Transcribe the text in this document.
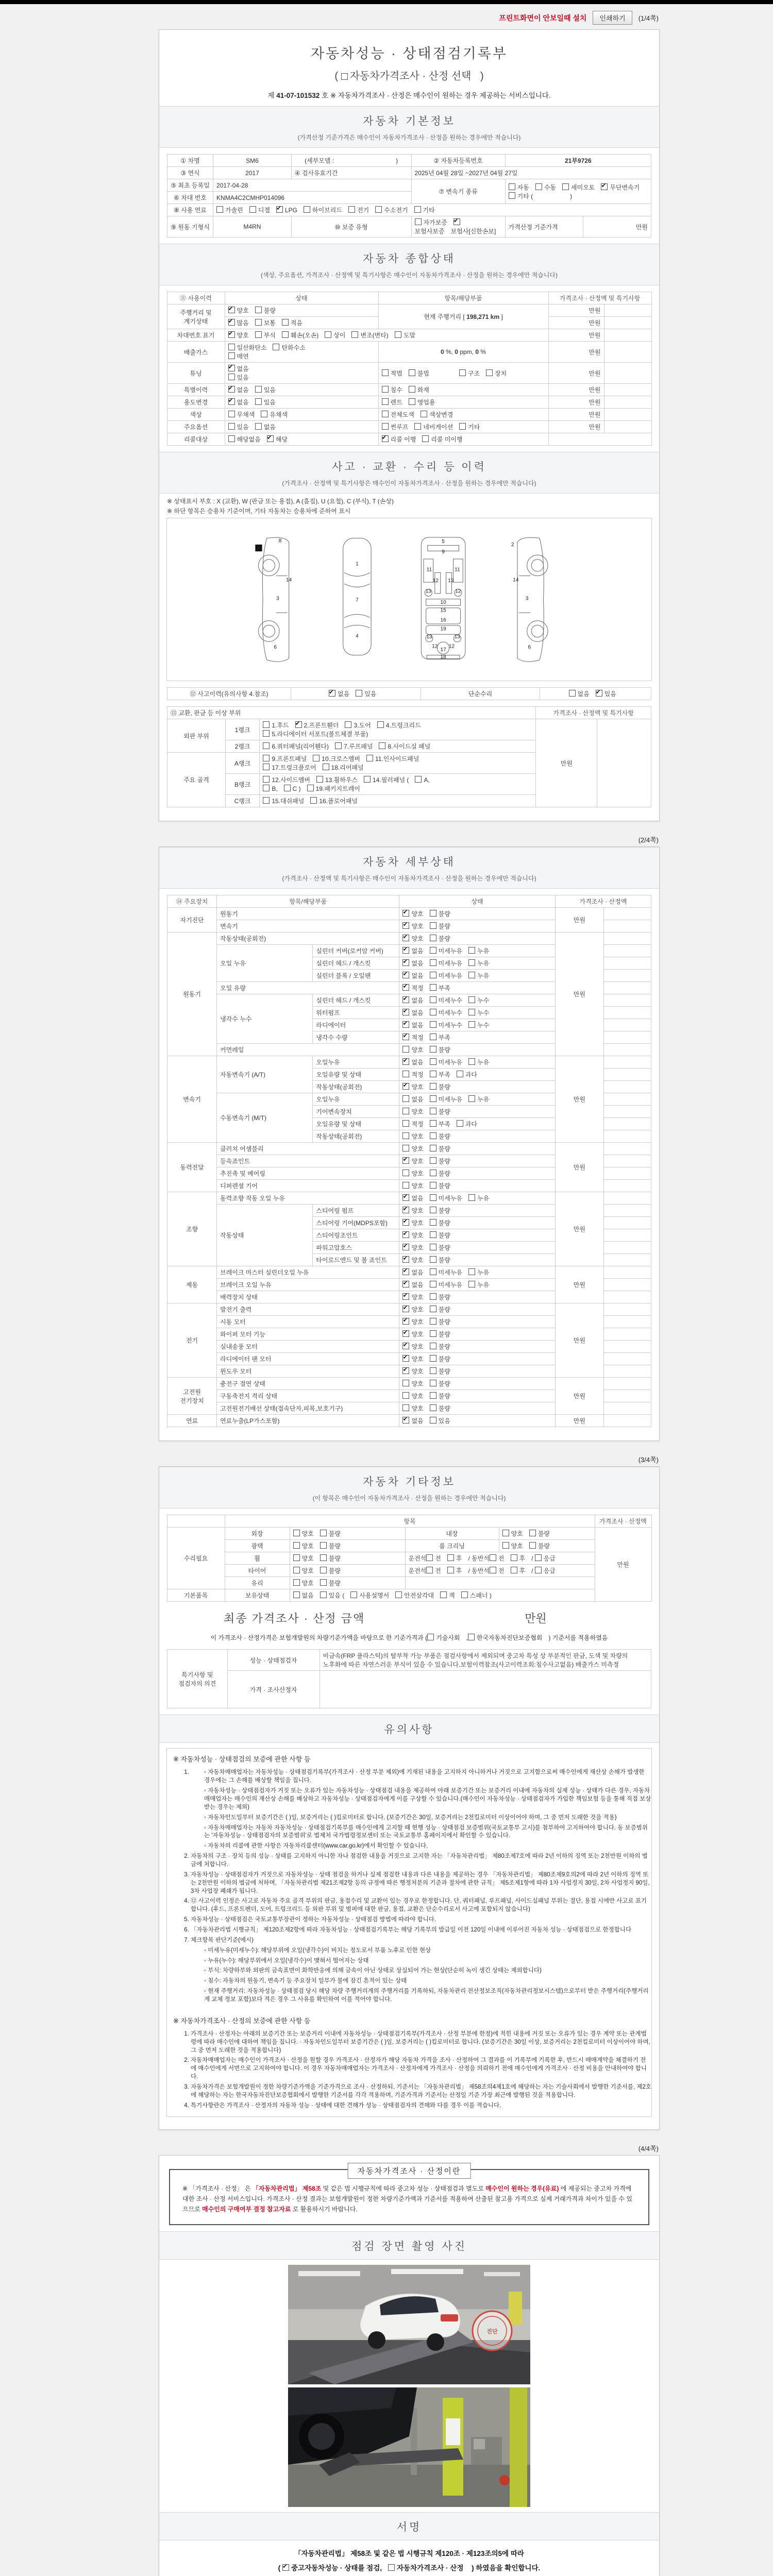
프린트화면이 안보일때 설치	인쇄하기	(1/4쪽)
자동차성능 · 상태점검기록부
( 자동차가격조사 · 산정 선택 )
제 41-07-101532 호 ※ 자동차가격조사 · 산정은 매수인이 원하는 경우 제공하는 서비스입니다.
자동차 기본정보
(가격산정 기준가격은 매수인이 자동차가격조사 · 산정을 원하는 경우에만 적습니다)
① 차명	SM6	(세부모델 : )	② 자동차등록번호	21부9726	
③ 연식	2017	④ 검사유효기간	2025년 04월 28일 ~2027년 04월 27일		
⑤ 최초 등록일	2017-04-28		⑦ 변속기 종류	자동 수동 세미오토 ✔ 무단변속기
기타 ( )
⑥ 차대 번호	KNMA4C2CMHP014096				
⑧ 사용 연료	가솔린 디젤 ✔ LPG 하이브리드 전기 수소전기 기타
⑨ 원동 기형식	M4RN	⑩ 보증 유형	자가보증✔보험사보증 보험사[신한손보]	가격산정 기준가격	만원
자동차 종합상태
(색상, 주요옵션, 가격조사 · 산정액 및 특기사항은 매수인이 자동차가격조사 · 산정을 원하는 경우에만 적습니다)
⑪ 사용이력	상태	항목/해당부품	가격조사 · 산정액 및 특기사항	
주행거리 및 계기상태	✔양호 불량	현재 주행거리 [ 198,271 km ]	만원	
✔많음 보통 적음		만원	
차대번호 표기	✔양호 부식 훼손(오손) 상이 변조(변타) 도말		만원	
배출가스	일산화탄소 탄화수소
매연	0 %, 0 ppm, 0 %	만원	
튜닝	✔없음
있음	적법 불법 구조 장치	만원	
특별이력	✔없음 있음	침수 화재	만원	
용도변경	✔없음 있음	렌트 영업용	만원	
색상	무채색 유채색	전체도색 색상변경	만원	
주요옵션	있음 없음	썬루프 네비게이션 기타	만원	
리콜대상	해당없음 ✔ 해당	✔리콜 이행 리콜 미이행	
사고 · 교환 · 수리 등 이력
(가격조사 · 산정액 및 특기사항은 매수인이 자동차가격조사 · 산정을 원하는 경우에만 적습니다)
※ 상태표시 부호 : X (교환), W (판금 또는 용접), A (흠집), U (요철), C (부식), T (손상)
※ 하단 항목은 승용차 기준이며, 기타 자동차는 승용차에 준하여 표시
X
8
14
3
6
1
7
4
5
9
11	11
12 13
13	12
10
15
16
19
13	13
12 12
17
18
2
14
3
6
⑫ 사고이력(유의사항 4.참조)	✔없음 있음	단순수리	없음 ✔ 있음
⑬ 교환, 판금 등 이상 부위			가격조사 · 산정액 및 특기사항	
외판 부위	1랭크	1.후드 ✔ 2.프론트휀더 3.도어 4.트렁크리드
5.라디에이터 서포트(볼트체결 부품)	만원	
	2랭크	6.쿼터패널(리어휀다) 7.루프패널 8.사이드실 패널		
주요 골격	A랭크	9.프론트패널 10.크로스멤버 11.인사이드패널
17.트렁크플로어 18.리어패널		
	B랭크	12.사이드멤버 13.휠하우스 14.필러패널 ( A,
B, C ) 19.패키지트레이		
	C랭크	15.대쉬패널 16.플로어패널		
(2/4쪽)
자동차 세부상태
(가격조사 · 산정액 및 특기사항은 매수인이 자동차가격조사 · 산정을 원하는 경우에만 적습니다)
⑭ 주요장치	항목/해당부품		상태	가격조사 · 산정액	
자기진단	원동기	✔양호 불량	만원	
	변속기	✔양호 불량	
원동기	작동상태(공회전)	✔양호 불량	만원	
	오일 누유	실린더 커버(로커암 커버)	✔없음 미세누유 누유	
		실린더 헤드 / 개스킷	✔없음 미세누유 누유	
		실린더 블록 / 오일팬	✔없음 미세누유 누유	
	오일 유량	✔적정 부족	
	냉각수 누수	실린더 헤드 / 개스킷	✔없음 미세누수 누수	
		워터펌프	✔없음 미세누수 누수	
		라디에이터	✔없음 미세누수 누수	
		냉각수 수량	✔적정 부족	
	커먼레일		양호 불량		
변속기	자동변속기 (A/T)	오일누유	✔없음 미세누유 누유	만원	
		오일유량 및 상태	적정 부족 과다		
		작동상태(공회전)	✔양호 불량	
	수동변속기 (M/T)	오일누유	없음 미세누유 누유		
		기어변속장치	양호 불량		
		오일유량 및 상태	적정 부족 과다		
		작동상태(공회전)	양호 불량		
동력전달	클러치 어셈블리		양호 불량	만원	
	등속죠인트	✔양호 불량	
	추진축 및 베어링		양호 불량		
	디퍼렌셜 기어		양호 불량		
조향	동력조향 작동 오일 누유	✔없음 미세누유 누유	만원	
	작동상태	스티어링 펌프	✔양호 불량	
		스티어링 기어(MDPS포함)	✔양호 불량	
		스티어링조인트	✔양호 불량	
		파워고압호스	✔양호 불량	
		타이로드엔드 및 볼 죠인트	✔양호 불량	
제동	브레이크 마스터 실린더오일 누유	✔없음 미세누유 누유	만원	
	브레이크 오일 누유	✔없음 미세누유 누유	
	배력장치 상태	✔양호 불량	
전기	발전기 출력	✔양호 불량	만원	
	시동 모터	✔양호 불량	
	와이퍼 모터 기능	✔양호 불량	
	실내송풍 모터	✔양호 불량	
	라디에이터 팬 모터	✔양호 불량	
	윈도우 모터	✔양호 불량	
고전원 전기장치	충전구 절연 상태		양호 불량	만원	
	구동축전지 격리 상태		양호 불량		
	고전원전기배선 상태(접속단자,피복,보호기구)		양호 불량		
연료	연료누출(LP가스포함)	✔없음 있음	만원	
(3/4쪽)
자동차 기타정보
(이 항목은 매수인이 자동차가격조사 · 산정을 원하는 경우에만 적습니다)
	항목				가격조사 · 산정액
수리필요	외장	양호 불량	내장	양호 불량	만원
	광택	양호 불량	룸 크리닝	양호 불량	
	휠	양호 불량	운전석 전 후 / 동반석 전 후 / 응급		
	타이어	양호 불량	운전석 전 후 / 동반석 전 후 / 응급		
	유리	양호 불량			
기본품목	보유상태	없음 있음 ( 사용설명서 안전삼각대 잭 스패너 )			
최종 가격조사 · 산정 금액	만원
이 가격조사 · 산정가격은 보험개발원의 차량기준가액을 바탕으로 한 기준가격과 ( 기술사회 , 한국자동차진단보증협회 ) 기준서를 적용하였음
특기사항 및 점검자의 의견	성능 · 상태점검자	비금속(FRP 플라스틱)의 탈부착 가능 부품은 점검사항에서 제외되며 중고차 특성 상 부분적인 판금, 도색 및 차량의 노후화에 따른 자연스러운 부식이 있을 수 있습니다.보험이력참조(사고이력조회:침수사고없음) 배출가스 미측정
	가격 · 조사산정자	
유의사항
※ 자동차성능 · 상태점검의 보증에 관한 사항 등
◦ 1. 자동차매매업자는 자동차성능 · 상태점검기록부(가격조사 · 산정 부분 제외)에 기재된 내용을 고지하지 아니하거나 거짓으로 고지함으로써 매수인에게 재산상 손해가 발생한 경우에는 그 손해를 배상할 책임을 집니다.
◦ 자동차성능 · 상태점검자가 거짓 또는 오류가 있는 자동차성능 · 상태점검 내용을 제공하여 아래 보증기간 또는 보증거리 이내에 자동차의 실제 성능 · 상태가 다른 경우, 자동차매매업자는 매수인의 재산상 손해를 배상하고 자동차성능 · 상태점검자에게 이를 구상할 수 있습니다.(매수인이 자동차성능 · 상태점검자가 가입한 책임보험 등을 통해 직접 보상받는 경우는 제외)
◦ 자동차인도일부터 보증기간은 ( )일, 보증거리는 ( )킬로미터로 합니다. (보증기간은 30일, 보증거리는 2천킬로미터 이상이어야 하며, 그 중 먼저 도래한 것을 적용)
◦ 자동차매매업자는 자동차 자동차성능 · 상태점검기록부를 매수인에게 고지할 때 현행 성능 · 상태점검 보증범위(국토교통부 고시)를 첨부하여 고지하여야 합니다. 동 보증범위는 '자동차성능 · 상태점검자의 보증범위'로 법제처 국가법령정보센터 또는 국토교통부 홈페이지에서 확인할 수 있습니다.
◦ 자동차의 리콜에 관한 사항은 자동차리콜센터(www.car.go.kr)에서 확인할 수 있습니다.
2. 자동차의 구조 · 장치 등의 성능 · 상태를 고지하지 아니한 자나 점검한 내용을 거짓으로 고지한 자는 「자동차관리법」 제80조제7호에 따라 2년 이하의 징역 또는 2천만원 이하의 벌금에 처합니다.
3. 자동차성능 · 상태점검자가 거짓으로 자동차성능 · 상태 점검을 하거나 실제 점검한 내용과 다른 내용을 제공하는 경우 「자동차관리법」 제80조제9호의2에 따라 2년 이하의 징역 또는 2천만원 이하의 벌금에 처하며, 「자동차관리법 제21조제2항 등의 규정에 따른 행정처분의 기준과 절차에 관한 규칙」 제5조제1항에 따라 1차 사업정지 30일, 2차 사업정지 90일, 3차 사업장 폐쇄가 됩니다.
4. ⑫ 사고이력 인정은 사고로 자동차 주요 골격 부위의 판금, 용접수리 및 교환이 있는 경우로 한정합니다. 단, 쿼터패널, 루프패널, 사이드실패널 부위는 절단, 용접 시에만 사고로 표기합니다. (후드, 프론트펜더, 도어, 트렁크리드 등 외판 부위 및 범퍼에 대한 판금, 용접, 교환은 단순수리로서 사고에 포함되지 않습니다)
5. 자동차성능 · 상태점검은 국토교통부장관이 정하는 자동차성능 · 상태점검 방법에 따라야 합니다.
6. 「자동차관리법 시행규칙」 제120조제2항에 따라 자동차성능 · 상태점검기록부는 해당 기록부의 발급일 이전 120일 이내에 이루어진 자동차 성능 · 상태점검으로 한정합니다
7. 체크항목 판단기준(예시)
◦ 미세누유(미세누수): 해당부위에 오일(냉각수)이 비치는 정도로서 부품 노후로 인한 현상
◦ 누유(누수): 해당부위에서 오일(냉각수)이 맺혀서 떨어지는 상태
◦ 부식: 차량하부와 외판의 금속표면이 화학반응에 의해 금속이 아닌 상태로 상실되어 가는 현상(단순히 녹이 생긴 상태는 제외합니다)
◦ 침수: 자동차의 원동기, 변속기 등 주요장치 일부가 물에 잠긴 흔적이 있는 상태
◦ 현재 주행거리: 자동차성능 · 상태점검 당시 해당 차량 주행거리계의 주행거리를 기록하되, 자동차관리 전산정보조직(자동차관리정보시스템)으로부터 받은 주행거리(주행거리계 교체 정보 포함)보다 적은 경우 그 사유를 확인하여 이를 적어야 합니다.
※ 자동차가격조사 · 산정의 보증에 관한 사항 등
1. 가격조사 · 산정자는 아래의 보증기간 또는 보증거리 이내에 자동차성능 · 상태점검기록부(가격조사 · 산정 부분에 한정)에 적힌 내용에 거짓 또는 오류가 있는 경우 계약 또는 관계법령에 따라 매수인에 대하여 책임을 집니다. · 자동차인도일부터 보증기간은 ( )일, 보증거리는 ( )킬로미터로 합니다. (보증기간은 30일 이상, 보증거리는 2천킬로미터 이상이어야 하며, 그 중 먼저 도래한 것을 적용합니다)
2. 자동차매매업자는 매수인이 가격조사 · 산정을 원할 경우 가격조사 · 산정자가 해당 자동차 가격을 조사 · 산정하여 그 결과를 이 기록부에 기록한 후, 반드시 매매계약을 체결하기 전에 매수인에게 서면으로 고지하여야 합니다. 이 경우 자동차매매업자는 가격조사 · 산정자에게 가격조사 · 산정을 의뢰하기 전에 매수인에게 가격조사 · 산정 비용을 안내하여야 합니다.
3. 자동차가격은 보험개발원이 정한 차량기준가액을 기준가격으로 조사 · 산정하되, 기준서는 「자동차관리법」 제58조의4제1호에 해당하는 자는 기술사회에서 발행한 기준서를, 제2호에 해당하는 자는 한국자동차진단보증협회에서 발행한 기준서를 각각 적용하며, 기준가격과 기준서는 산정일 기준 가장 최근에 발행된 것을 적용합니다.
4. 특기사항란은 가격조사 · 산정자의 자동차 성능 · 상태에 대한 견해가 성능 · 상태점검자의 견해와 다를 경우 이를 적습니다.
(4/4쪽)
자동차가격조사 · 산정이란
※ 「가격조사 · 산정」 은 「자동차관리법」 제58조 및 같은 법 시행규칙에 따라 중고차 성능 · 상태점검과 별도로 매수인이 원하는 경우(유료) 에 제공되는 중고차 가격에 대한 조사 · 산정 서비스입니다. 가격조사 · 산정 결과는 보험개발원이 정한 차량기준가액과 기준서를 적용하여 산출된 참고용 가격으로 실제 거래가격과 차이가 있을 수 있으므로 매수인의 구매여부 결정 참고자료 로 활용하시기 바랍니다.
점검 장면 촬영 사진
진단
서명
「자동차관리법」 제58조 및 같은 법 시행규칙 제120조 · 제123조의5에 따라
( ✔중고자동차성능 · 상태를 점검, 자동차가격조사 · 산정 ) 하였음을 확인합니다.
